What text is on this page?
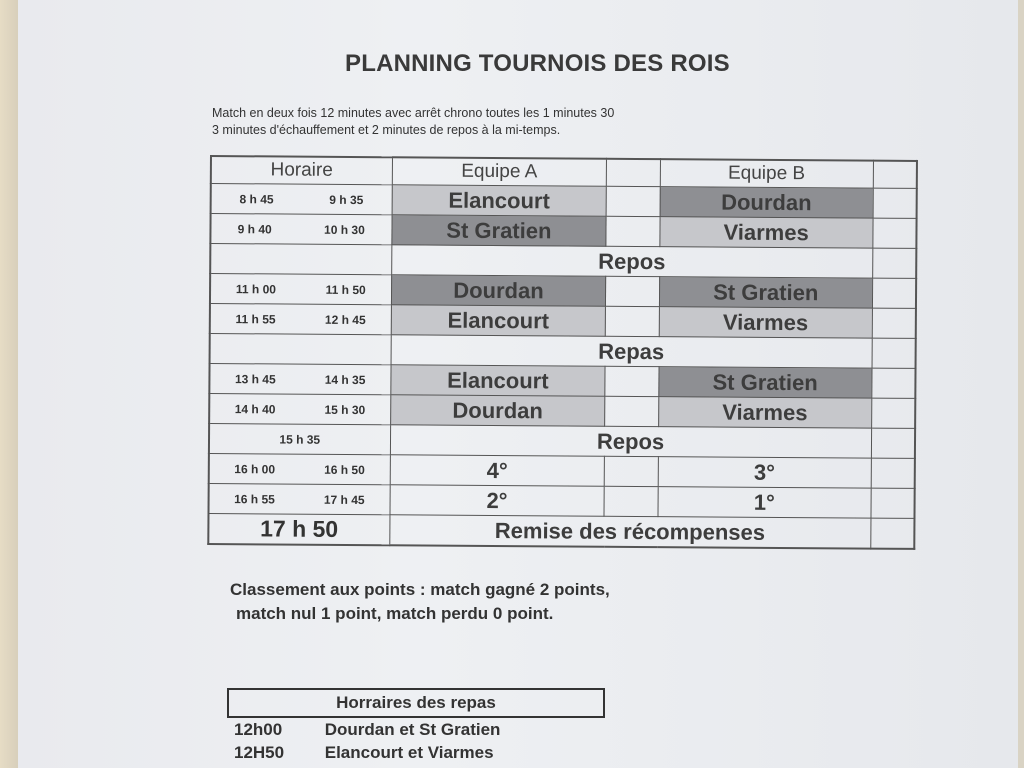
PLANNING TOURNOIS DES ROIS
Match en deux fois 12 minutes avec arrêt chrono toutes les 1 minutes 30
3 minutes d'échauffement et 2 minutes de repos à la mi-temps.
Horaire	Equipe A		Equipe B	

8 h 45 9 h 35	Elancourt		Dourdan	

9 h 40 10 h 30	St Gratien		Viarmes	
	Repos			

11 h 00 11 h 50	Dourdan		St Gratien	

11 h 55 12 h 45	Elancourt		Viarmes	
	Repas			

13 h 45 14 h 35	Elancourt		St Gratien	

14 h 40 15 h 30	Dourdan		Viarmes	
15 h 35	Repos			

16 h 00 16 h 50	4°		3°	

16 h 55 17 h 45	2°		1°	
17 h 50	Remise des récompenses			
Classement aux points : match gagné 2 points,
match nul 1 point, match perdu 0 point.
Horraires des repas
12h00	Dourdan et St Gratien
12H50 Elancourt et Viarmes
